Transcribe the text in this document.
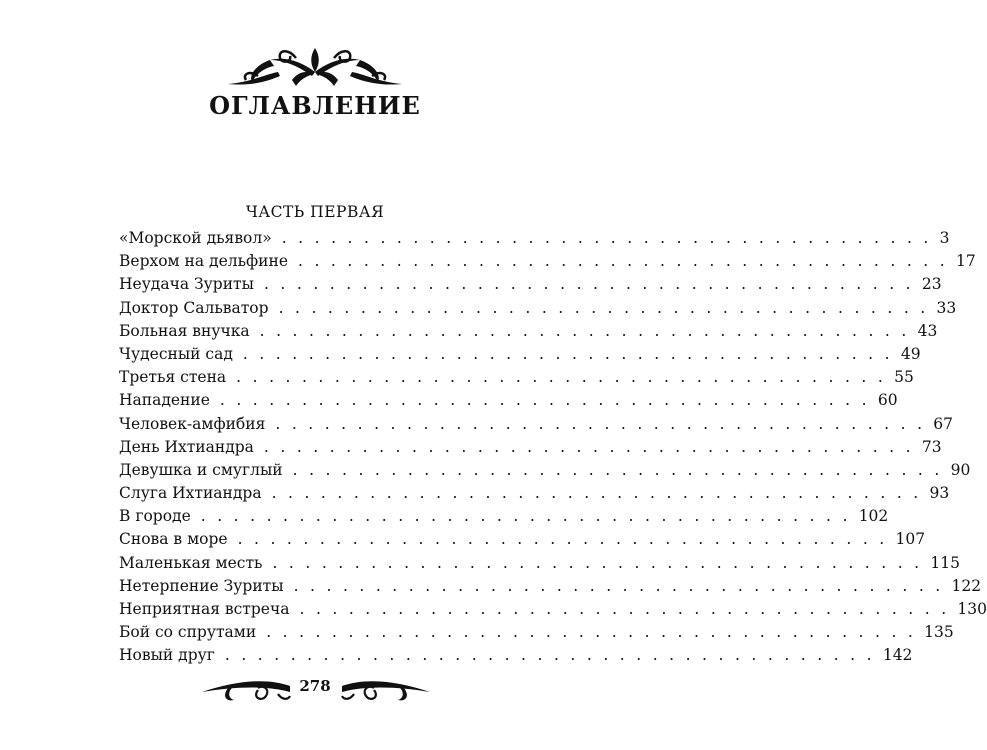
ОГЛАВЛЕНИЕ
ЧАСТЬ ПЕРВАЯ
«Морской дьявол» . . . . . . . . . . . . . . . . . . . . . . . . . . . . . . . . . . . . . . . . 3
Верхом на дельфине . . . . . . . . . . . . . . . . . . . . . . . . . . . . . . . . . . . . . . . . 17
Неудача Зуриты . . . . . . . . . . . . . . . . . . . . . . . . . . . . . . . . . . . . . . . . 23
Доктор Сальватор . . . . . . . . . . . . . . . . . . . . . . . . . . . . . . . . . . . . . . . . 33
Больная внучка . . . . . . . . . . . . . . . . . . . . . . . . . . . . . . . . . . . . . . . . 43
Чудесный сад . . . . . . . . . . . . . . . . . . . . . . . . . . . . . . . . . . . . . . . . 49
Третья стена . . . . . . . . . . . . . . . . . . . . . . . . . . . . . . . . . . . . . . . . 55
Нападение . . . . . . . . . . . . . . . . . . . . . . . . . . . . . . . . . . . . . . . . 60
Человек-амфибия . . . . . . . . . . . . . . . . . . . . . . . . . . . . . . . . . . . . . . . . 67
День Ихтиандра . . . . . . . . . . . . . . . . . . . . . . . . . . . . . . . . . . . . . . . . 73
Девушка и смуглый . . . . . . . . . . . . . . . . . . . . . . . . . . . . . . . . . . . . . . . . 90
Слуга Ихтиандра . . . . . . . . . . . . . . . . . . . . . . . . . . . . . . . . . . . . . . . . 93
В городе . . . . . . . . . . . . . . . . . . . . . . . . . . . . . . . . . . . . . . . . 102
Снова в море . . . . . . . . . . . . . . . . . . . . . . . . . . . . . . . . . . . . . . . . 107
Маленькая месть . . . . . . . . . . . . . . . . . . . . . . . . . . . . . . . . . . . . . . . . 115
Нетерпение Зуриты . . . . . . . . . . . . . . . . . . . . . . . . . . . . . . . . . . . . . . . . 122
Неприятная встреча . . . . . . . . . . . . . . . . . . . . . . . . . . . . . . . . . . . . . . . . 130
Бой со спрутами . . . . . . . . . . . . . . . . . . . . . . . . . . . . . . . . . . . . . . . . 135
Новый друг . . . . . . . . . . . . . . . . . . . . . . . . . . . . . . . . . . . . . . . . 142
278
